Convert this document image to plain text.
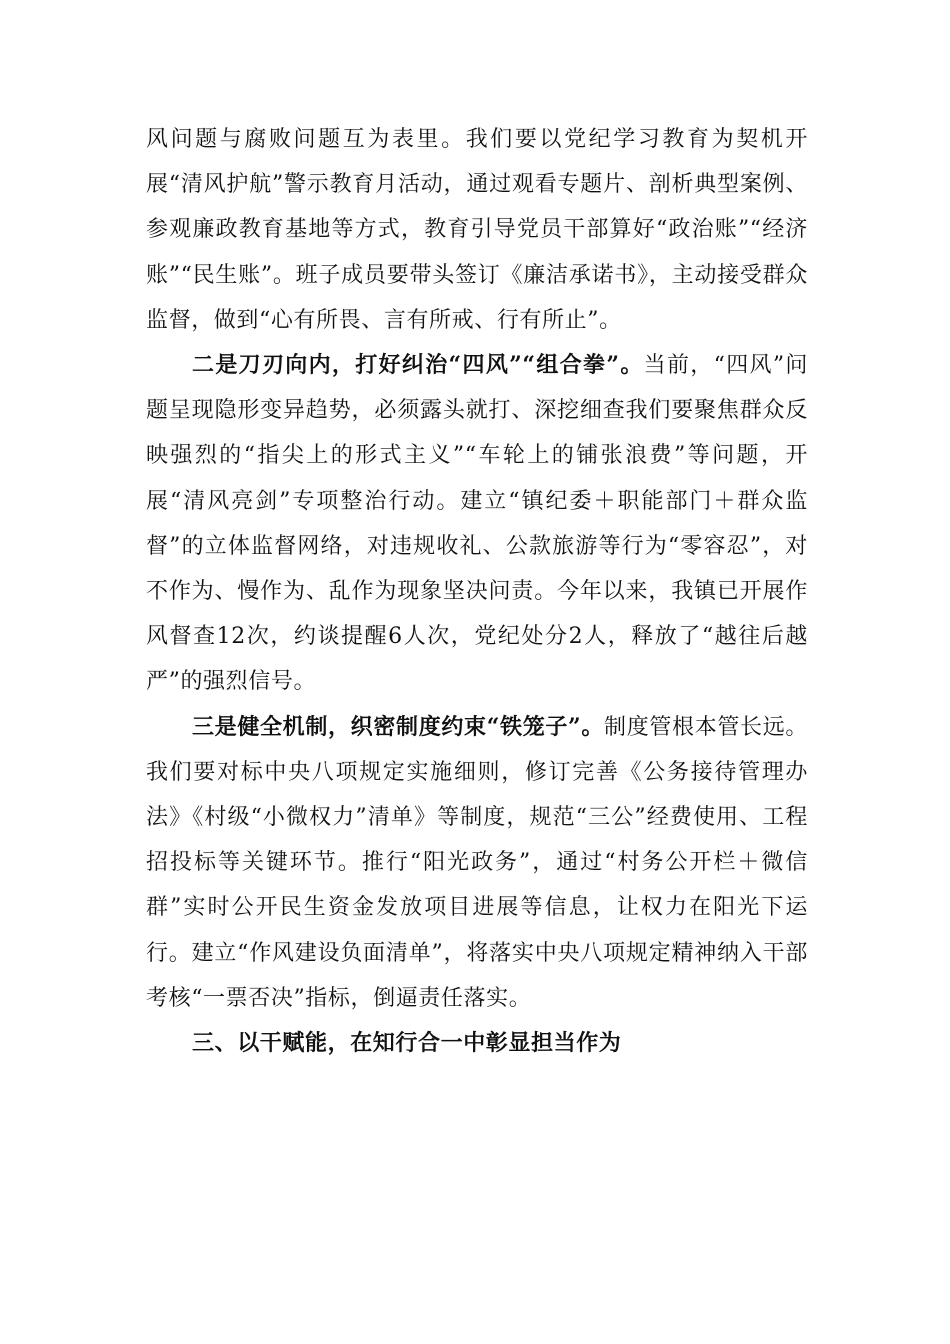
风问题与腐败问题互为表里。我们要以党纪学习教育为契机开展“清风护航”警示教育月活动，通过观看专题片、剖析典型案例、参观廉政教育基地等方式，教育引导党员干部算好“政治账”“经济账”“民生账”。班子成员要带头签订《廉洁承诺书》，主动接受群众监督，做到“心有所畏、言有所戒、行有所止”。

二是刀刃向内，打好纠治“四风”“组合拳”。当前，“四风”问题呈现隐形变异趋势，必须露头就打、深挖细查我们要聚焦群众反映强烈的“指尖上的形式主义”“车轮上的铺张浪费”等问题，开展“清风亮剑”专项整治行动。建立“镇纪委＋职能部门＋群众监督”的立体监督网络，对违规收礼、公款旅游等行为“零容忍”，对不作为、慢作为、乱作为现象坚决问责。今年以来，我镇已开展作风督查12次，约谈提醒6人次，党纪处分2人，释放了“越往后越严”的强烈信号。

三是健全机制，织密制度约束“铁笼子”。制度管根本管长远。我们要对标中央八项规定实施细则，修订完善《公务接待管理办法》《村级“小微权力”清单》等制度，规范“三公”经费使用、工程招投标等关键环节。推行“阳光政务”，通过“村务公开栏＋微信群”实时公开民生资金发放项目进展等信息，让权力在阳光下运行。建立“作风建设负面清单”，将落实中央八项规定精神纳入干部考核“一票否决”指标，倒逼责任落实。

三、以干赋能，在知行合一中彰显担当作为
